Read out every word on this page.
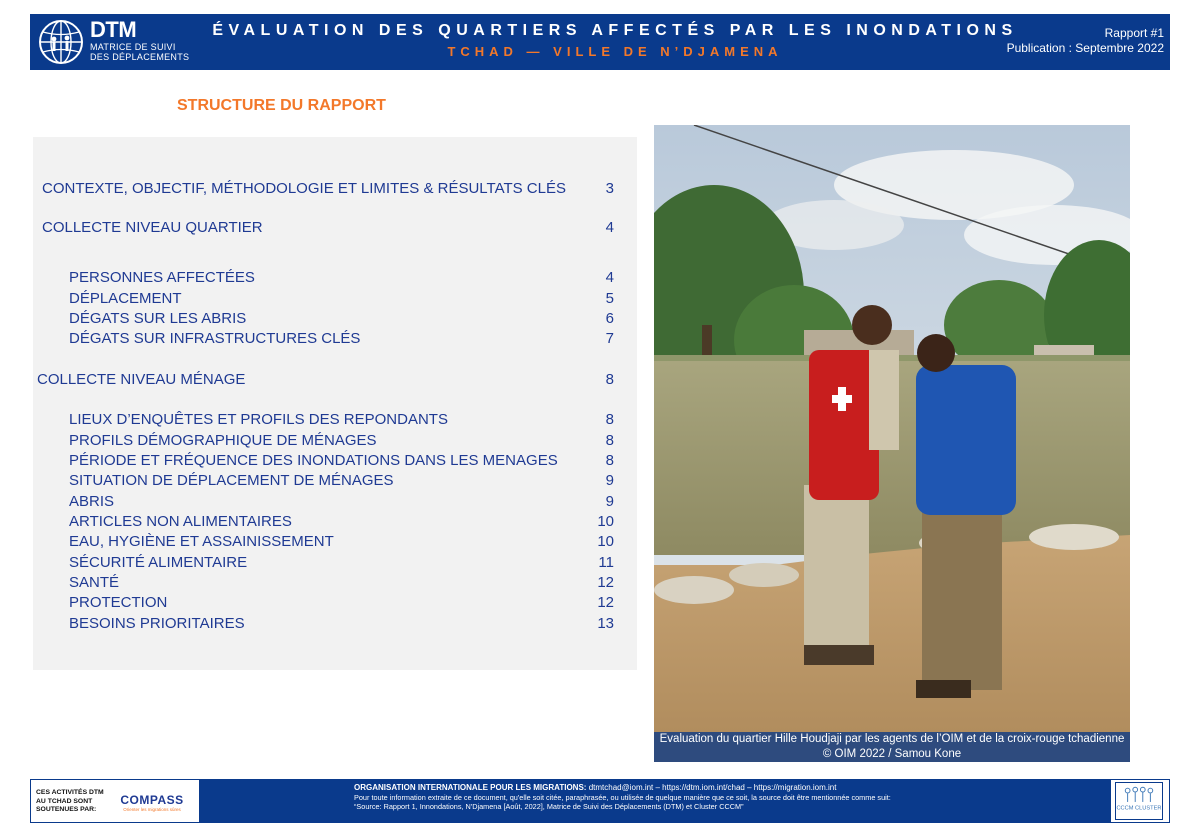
DTM
MATRICE DE SUIVI
DES DÉPLACEMENTS
ÉVALUATION DES QUARTIERS AFFECTÉS PAR LES INONDATIONS
TCHAD — VILLE DE N’DJAMENA
Rapport #1
Publication : Septembre 2022
STRUCTURE DU RAPPORT
CONTEXTE, OBJECTIF, MÉTHODOLOGIE ET LIMITES & RÉSULTATS CLÉS	3
COLLECTE NIVEAU QUARTIER	4
PERSONNES AFFECTÉES	4
DÉPLACEMENT	5
DÉGATS SUR LES ABRIS	6
DÉGATS SUR INFRASTRUCTURES CLÉS	7
COLLECTE NIVEAU MÉNAGE	8
LIEUX D’ENQUÊTES ET PROFILS DES REPONDANTS	8
PROFILS DÉMOGRAPHIQUE DE MÉNAGES	8
PÉRIODE ET FRÉQUENCE DES INONDATIONS DANS LES MENAGES	8
SITUATION DE DÉPLACEMENT DE MÉNAGES	9
ABRIS	9
ARTICLES NON ALIMENTAIRES	10
EAU, HYGIÈNE ET ASSAINISSEMENT	10
SÉCURITÉ ALIMENTAIRE	11
SANTÉ	12
PROTECTION	12
BESOINS PRIORITAIRES	13
Evaluation du quartier Hille Houdjaji par les agents de l’OIM et de la croix-rouge tchadienne © OIM 2022 / Samou Kone
CES ACTIVITÉS DTM
AU TCHAD SONT
SOUTENUES PAR:
COMPASS
Orienter les migrations sûres
ORGANISATION INTERNATIONALE POUR LES MIGRATIONS: dtmtchad@iom.int – https://dtm.iom.int/chad – https://migration.iom.int
Pour toute information extraite de ce document, qu'elle soit citée, paraphrasée, ou utilisée de quelque manière que ce soit, la source doit être mentionnée comme suit:
“Source: Rapport 1, Innondations, N'Djamena [Août, 2022], Matrice de Suivi des Déplacements (DTM) et Cluster CCCM”	CCCM CLUSTER
